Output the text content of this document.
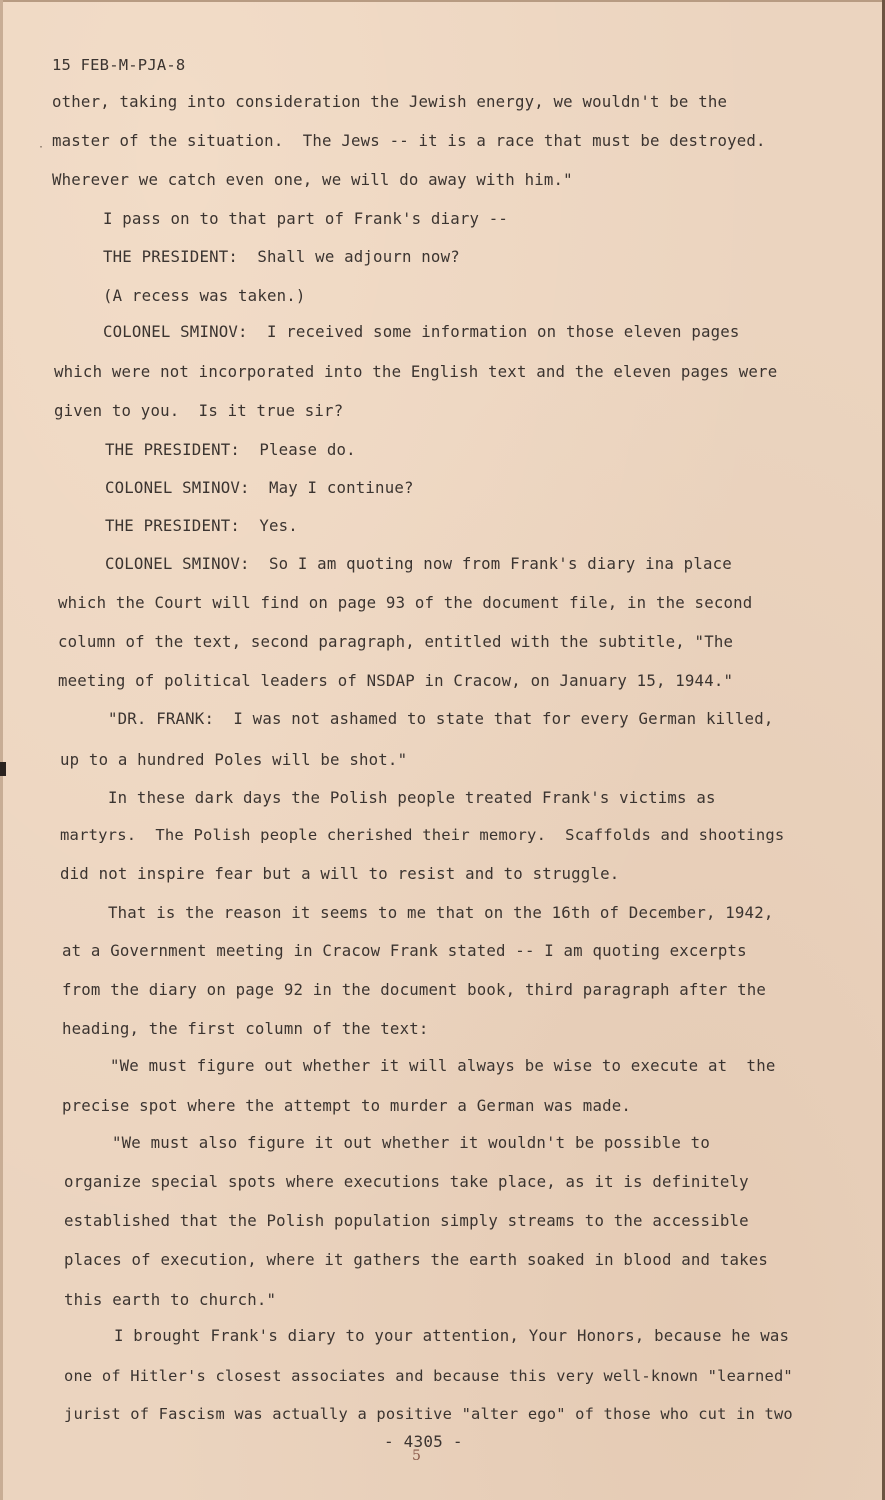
·
15 FEB-M-PJA-8
other, taking into consideration the Jewish energy, we wouldn't be the
master of the situation.  The Jews -- it is a race that must be destroyed.
Wherever we catch even one, we will do away with him."
I pass on to that part of Frank's diary --
THE PRESIDENT:  Shall we adjourn now?
(A recess was taken.)
COLONEL SMINOV:  I received some information on those eleven pages
which were not incorporated into the English text and the eleven pages were
given to you.  Is it true sir?
THE PRESIDENT:  Please do.
COLONEL SMINOV:  May I continue?
THE PRESIDENT:  Yes.
COLONEL SMINOV:  So I am quoting now from Frank's diary ina place
which the Court will find on page 93 of the document file, in the second
column of the text, second paragraph, entitled with the subtitle, "The
meeting of political leaders of NSDAP in Cracow, on January 15, 1944."
"DR. FRANK:  I was not ashamed to state that for every German killed,
up to a hundred Poles will be shot."
In these dark days the Polish people treated Frank's victims as
martyrs.  The Polish people cherished their memory.  Scaffolds and shootings
did not inspire fear but a will to resist and to struggle.
That is the reason it seems to me that on the 16th of December, 1942,
at a Government meeting in Cracow Frank stated -- I am quoting excerpts
from the diary on page 92 in the document book, third paragraph after the
heading, the first column of the text:
"We must figure out whether it will always be wise to execute at  the
precise spot where the attempt to murder a German was made.
"We must also figure it out whether it wouldn't be possible to
organize special spots where executions take place, as it is definitely
established that the Polish population simply streams to the accessible
places of execution, where it gathers the earth soaked in blood and takes
this earth to church."
I brought Frank's diary to your attention, Your Honors, because he was
one of Hitler's closest associates and because this very well-known "learned"
jurist of Fascism was actually a positive "alter ego" of those who cut in two
- 4305 -
5
